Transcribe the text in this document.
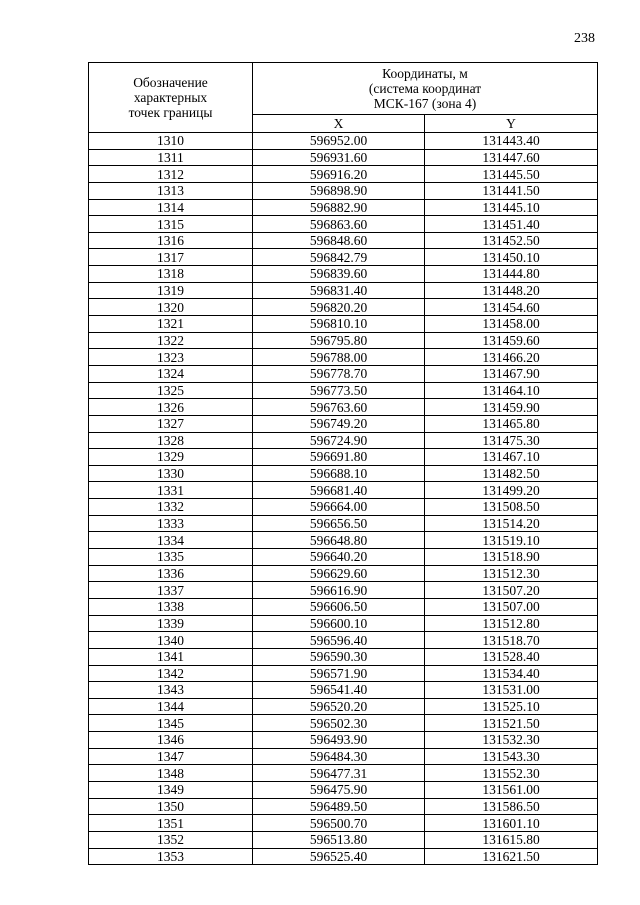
238
Обозначение
характерных
точек границы	Координаты, м
(система координат
МСК-167 (зона 4)	
	X	Y
1310	596952.00	131443.40
1311	596931.60	131447.60
1312	596916.20	131445.50
1313	596898.90	131441.50
1314	596882.90	131445.10
1315	596863.60	131451.40
1316	596848.60	131452.50
1317	596842.79	131450.10
1318	596839.60	131444.80
1319	596831.40	131448.20
1320	596820.20	131454.60
1321	596810.10	131458.00
1322	596795.80	131459.60
1323	596788.00	131466.20
1324	596778.70	131467.90
1325	596773.50	131464.10
1326	596763.60	131459.90
1327	596749.20	131465.80
1328	596724.90	131475.30
1329	596691.80	131467.10
1330	596688.10	131482.50
1331	596681.40	131499.20
1332	596664.00	131508.50
1333	596656.50	131514.20
1334	596648.80	131519.10
1335	596640.20	131518.90
1336	596629.60	131512.30
1337	596616.90	131507.20
1338	596606.50	131507.00
1339	596600.10	131512.80
1340	596596.40	131518.70
1341	596590.30	131528.40
1342	596571.90	131534.40
1343	596541.40	131531.00
1344	596520.20	131525.10
1345	596502.30	131521.50
1346	596493.90	131532.30
1347	596484.30	131543.30
1348	596477.31	131552.30
1349	596475.90	131561.00
1350	596489.50	131586.50
1351	596500.70	131601.10
1352	596513.80	131615.80
1353	596525.40	131621.50
